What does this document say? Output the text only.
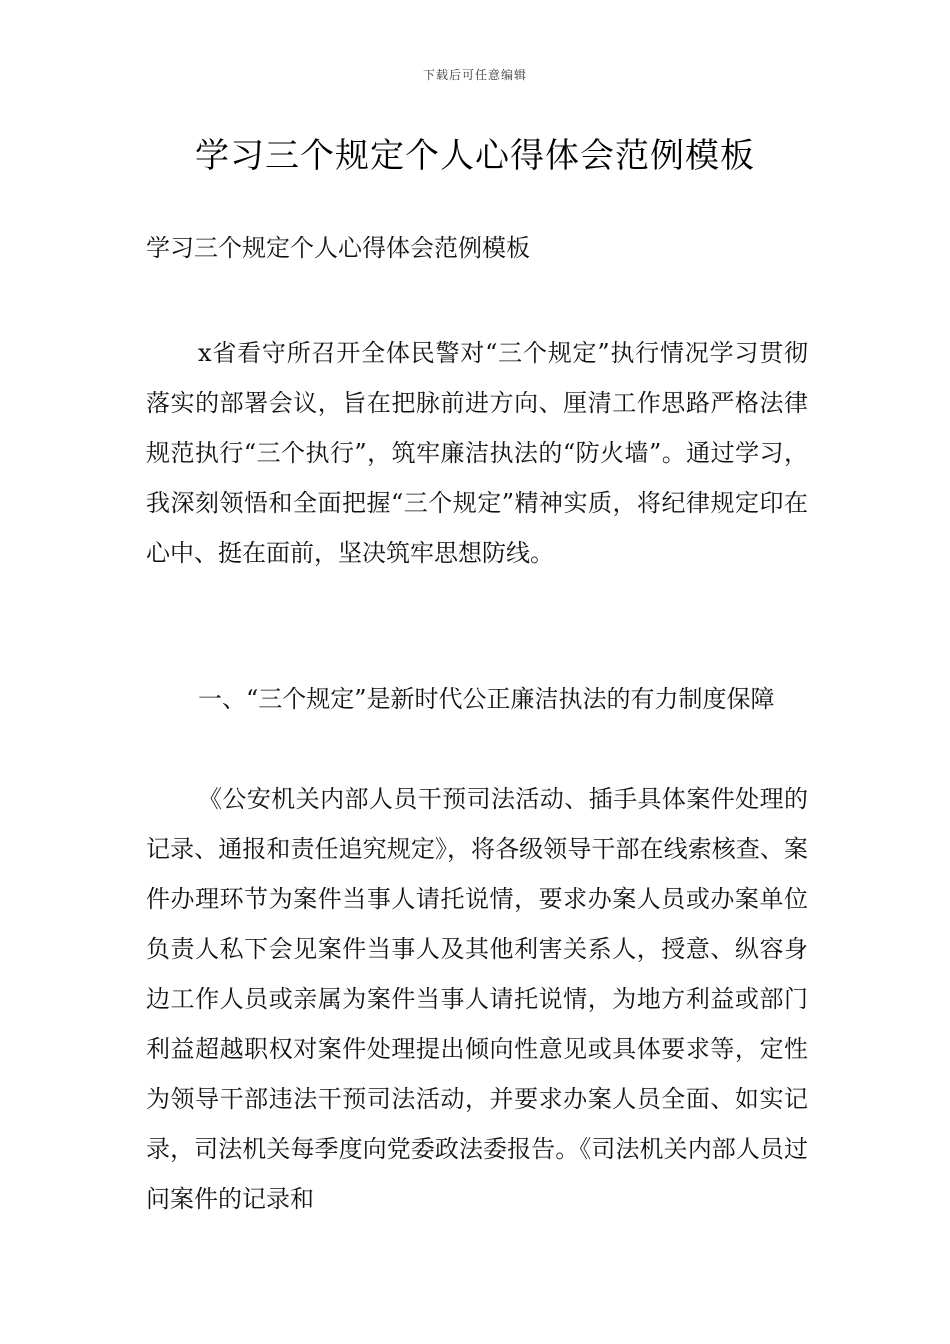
下载后可任意编辑
学习三个规定个人心得体会范例模板
学习三个规定个人心得体会范例模板

x省看守所召开全体民警对“三个规定”执行情况学习贯彻落实的部署会议，旨在把脉前进方向、厘清工作思路严格法律规范执行“三个执行”，筑牢廉洁执法的“防火墙”。通过学习，我深刻领悟和全面把握“三个规定”精神实质，将纪律规定印在心中、挺在面前，坚决筑牢思想防线。

一、“三个规定”是新时代公正廉洁执法的有力制度保障

《公安机关内部人员干预司法活动、插手具体案件处理的记录、通报和责任追究规定》，将各级领导干部在线索核查、案件办理环节为案件当事人请托说情，要求办案人员或办案单位负责人私下会见案件当事人及其他利害关系人，授意、纵容身边工作人员或亲属为案件当事人请托说情，为地方利益或部门利益超越职权对案件处理提出倾向性意见或具体要求等，定性为领导干部违法干预司法活动，并要求办案人员全面、如实记录，司法机关每季度向党委政法委报告。《司法机关内部人员过问案件的记录和
